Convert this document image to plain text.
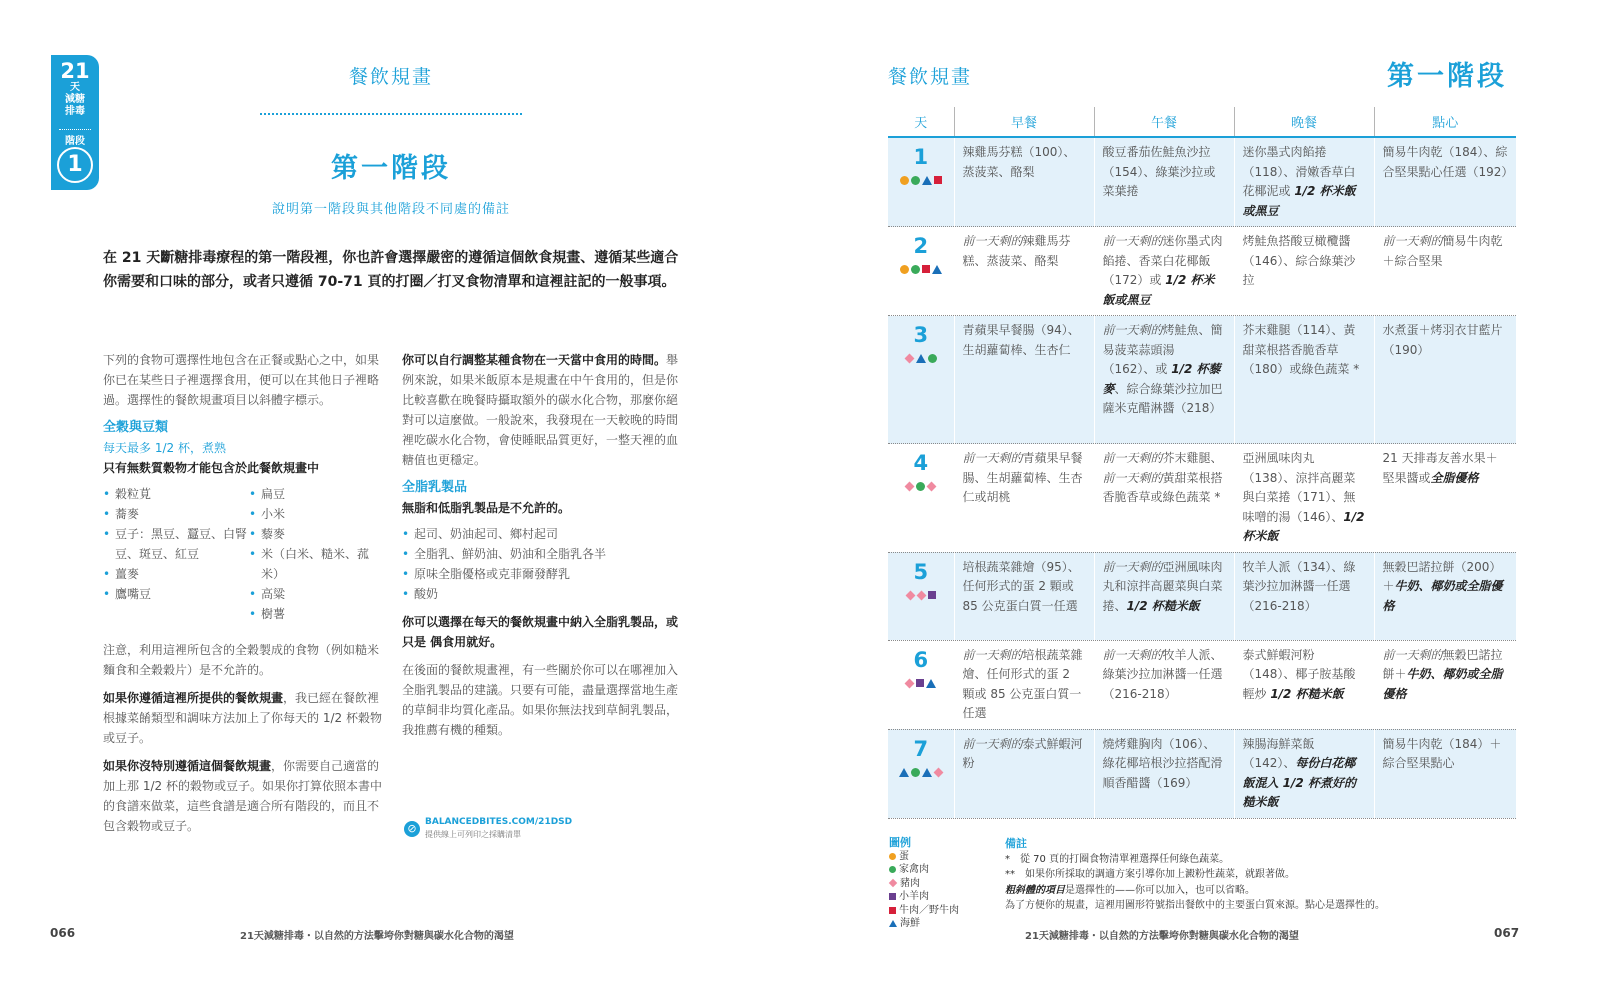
21
天
減糖
排毒
階段
1
餐飲規畫
第一階段
說明第一階段與其他階段不同處的備註
在 21 天斷糖排毒療程的第一階段裡，你也許會選擇嚴密的遵循這個飲食規畫、遵循某些適合你需要和口味的部分，或者只遵循 70-71 頁的打圈／打叉食物清單和這裡註記的一般事項。

下列的食物可選擇性地包含在正餐或點心之中，如果你已在某些日子裡選擇食用，便可以在其他日子裡略過。選擇性的餐飲規畫項目以斜體字標示。

全穀與豆類
每天最多 1/2 杯，煮熟
只有無麩質穀物才能包含於此餐飲規畫中
• 穀粒莧
• 蕎麥
• 豆子：黑豆、蠶豆、白腎豆、斑豆、紅豆
• 薑麥
• 鷹嘴豆
• 扁豆
• 小米
• 藜麥
• 米（白米、糙米、菰米）
• 高粱
• 樹薯

注意，利用這裡所包含的全穀製成的食物（例如糙米麵食和全穀穀片）是不允許的。

如果你遵循這裡所提供的餐飲規畫，我已經在餐飲裡根據菜餚類型和調味方法加上了你每天的 1/2 杯穀物或豆子。

如果你沒特別遵循這個餐飲規畫，你需要自己適當的加上那 1/2 杯的穀物或豆子。如果你打算依照本書中的食譜來做菜，這些食譜是適合所有階段的，而且不包含穀物或豆子。

你可以自行調整某種食物在一天當中食用的時間。舉例來說，如果米飯原本是規畫在中午食用的，但是你比較喜歡在晚餐時攝取額外的碳水化合物，那麼你絕對可以這麼做。一般說來，我發現在一天較晚的時間裡吃碳水化合物，會使睡眠品質更好，一整天裡的血糖值也更穩定。

全脂乳製品
無脂和低脂乳製品是不允許的。
• 起司、奶油起司、鄉村起司
• 全脂乳、鮮奶油、奶油和全脂乳各半
• 原味全脂優格或克菲爾發酵乳
• 酸奶

你可以選擇在每天的餐飲規畫中納入全脂乳製品，或只是 偶食用就好。

在後面的餐飲規畫裡，有一些關於你可以在哪裡加入全脂乳製品的建議。只要有可能，盡量選擇當地生產的草飼非均質化產品。如果你無法找到草飼乳製品，我推薦有機的種類。

⊘ BALANCEDBITES.COM/21DSD
提供線上可列印之採購清單
066	21天減糖排毒・以自然的方法擊垮你對糖與碳水化合物的渴望
餐飲規畫	第一階段
天	早餐	午餐	晚餐	點心

1	辣雞馬芬糕（100）、蒸菠菜、酪梨	酸豆番茄佐鮭魚沙拉（154）、綠葉沙拉或菜葉捲	迷你墨式肉餡捲（118）、滑嫩香草白花椰泥或 1/2 杯米飯或黑豆	簡易牛肉乾（184）、綜合堅果點心任選（192）

2	前一天剩的辣雞馬芬糕、蒸菠菜、酪梨	前一天剩的迷你墨式肉餡捲、香菜白花椰飯（172）或 1/2 杯米飯或黑豆	烤鮭魚搭酸豆橄欖醬（146）、綜合綠葉沙拉	前一天剩的簡易牛肉乾＋綜合堅果

3	青蘋果早餐腸（94）、生胡蘿蔔棒、生杏仁	前一天剩的烤鮭魚、簡易菠菜蒜頭湯（162）、或 1/2 杯藜麥、綜合綠葉沙拉加巴薩米克醋淋醬（218）	芥末雞腿（114）、黃甜菜根搭香脆香草（180）或綠色蔬菜 *	水煮蛋＋烤羽衣甘藍片（190）

4	前一天剩的青蘋果早餐腸、生胡蘿蔔棒、生杏仁或胡桃	前一天剩的芥末雞腿、前一天剩的黃甜菜根搭香脆香草或綠色蔬菜 *	亞洲風味肉丸（138）、涼拌高麗菜與白菜捲（171）、無味噌的湯（146）、1/2 杯米飯	21 天排毒友善水果＋堅果醬或全脂優格

5	培根蔬菜雜燴（95）、任何形式的蛋 2 顆或 85 公克蛋白質一任選	前一天剩的亞洲風味肉丸和涼拌高麗菜與白菜捲、1/2 杯糙米飯	牧羊人派（134）、綠葉沙拉加淋醬一任選（216-218）	無穀巴諾拉餅（200）＋牛奶、椰奶或全脂優格

6	前一天剩的培根蔬菜雜燴、任何形式的蛋 2 顆或 85 公克蛋白質一任選	前一天剩的牧羊人派、綠葉沙拉加淋醬一任選（216-218）	泰式鮮蝦河粉（148）、椰子胺基酸輕炒 1/2 杯糙米飯	前一天剩的無穀巴諾拉餅＋牛奶、椰奶或全脂優格

7	前一天剩的泰式鮮蝦河粉	燒烤雞胸肉（106）、綠花椰培根沙拉搭配滑順香醋醬（169）	辣腸海鮮菜飯（142）、每份白花椰飯混入 1/2 杯煮好的糙米飯	簡易牛肉乾（184）＋綜合堅果點心
圖例
蛋
家禽肉
豬肉
小羊肉
牛肉／野牛肉
海鮮
備註
*　從 70 頁的打圈食物清單裡選擇任何綠色蔬菜。
**　如果你所採取的調適方案引導你加上澱粉性蔬菜，就跟著做。
粗斜體的項目是選擇性的——你可以加入，也可以省略。
為了方便你的規畫，這裡用圖形符號指出餐飲中的主要蛋白質來源。點心是選擇性的。
21天減糖排毒・以自然的方法擊垮你對糖與碳水化合物的渴望	067
